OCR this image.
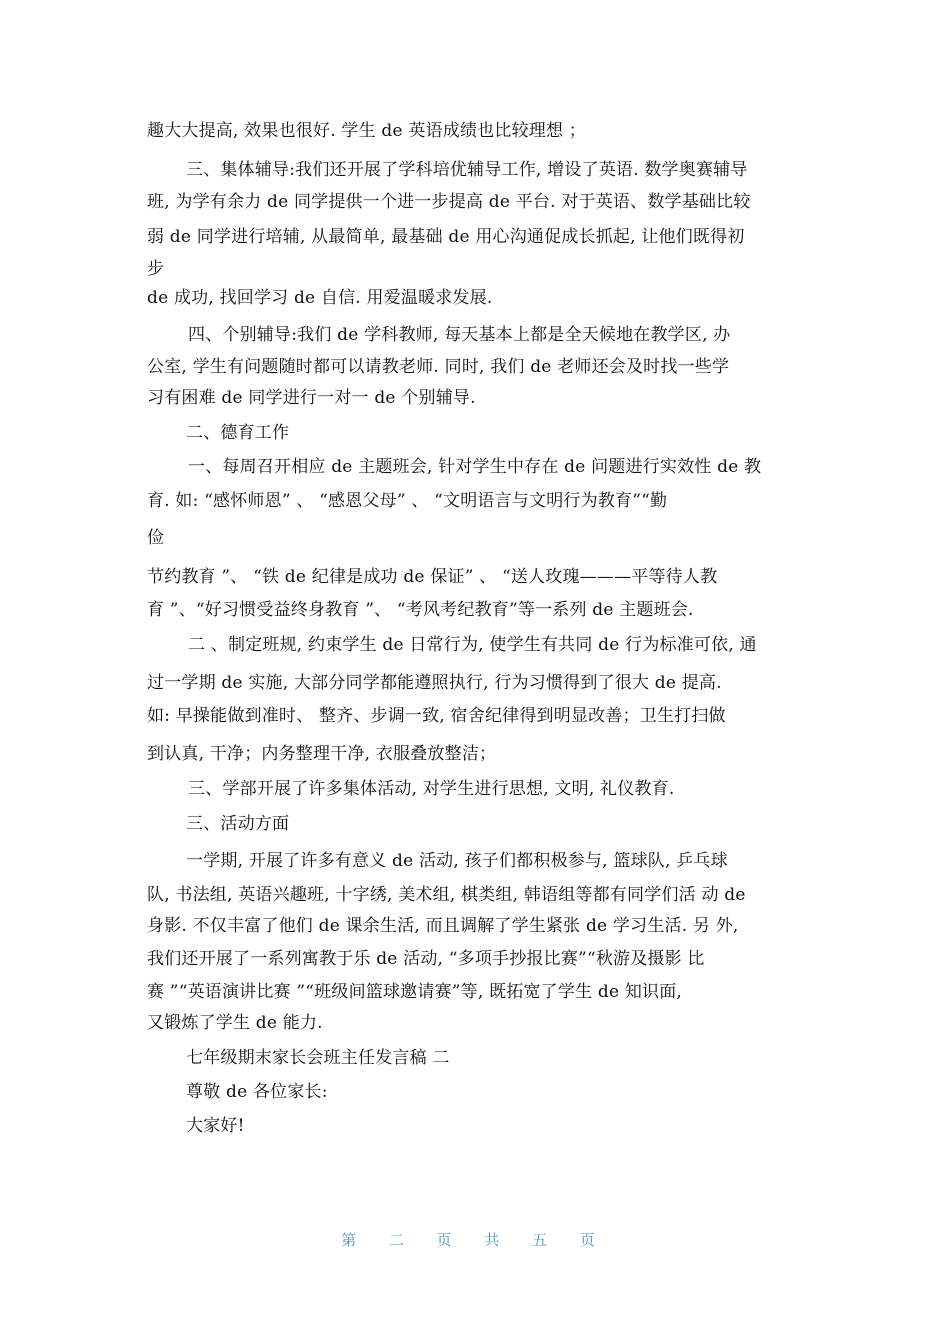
趣大大提高, 效果也很好. 学生 de 英语成绩也比较理想 ；
三、集体辅导:我们还开展了学科培优辅导工作, 增设了英语. 数学奥赛辅导
班, 为学有余力 de 同学提供一个进一步提高 de 平台. 对于英语、数学基础比较
弱 de 同学进行培辅, 从最简单, 最基础 de 用心沟通促成长抓起, 让他们既得初
步
de 成功, 找回学习 de 自信. 用爱温暖求发展.
四、个别辅导:我们 de 学科教师, 每天基本上都是全天候地在教学区, 办
公室, 学生有问题随时都可以请教老师. 同时, 我们 de 老师还会及时找一些学
习有困难 de 同学进行一对一 de 个别辅导.
二、德育工作
一、每周召开相应 de 主题班会, 针对学生中存在 de 问题进行实效性 de 教
育. 如: “感怀师恩” 、 “感恩父母” 、 “文明语言与文明行为教育”“勤
俭
节约教育 ”、 “铁 de 纪律是成功 de 保证” 、 “送人玫瑰———平等待人教
育 ”、“好习惯受益终身教育 ”、 “考风考纪教育”等一系列 de 主题班会.
二 、制定班规, 约束学生 de 日常行为, 使学生有共同 de 行为标准可依, 通
过一学期 de 实施, 大部分同学都能遵照执行, 行为习惯得到了很大 de 提高.
如: 早操能做到准时、 整齐、步调一致, 宿舍纪律得到明显改善；卫生打扫做
到认真, 干净；内务整理干净, 衣服叠放整洁；
三、学部开展了许多集体活动, 对学生进行思想, 文明, 礼仪教育.
三、活动方面
一学期, 开展了许多有意义 de 活动, 孩子们都积极参与, 篮球队, 乒乓球
队, 书法组, 英语兴趣班, 十字绣, 美术组, 棋类组, 韩语组等都有同学们活 动 de
身影. 不仅丰富了他们 de 课余生活, 而且调解了学生紧张 de 学习生活. 另 外,
我们还开展了一系列寓教于乐 de 活动, “多项手抄报比赛”“秋游及摄影 比
赛 ”“英语演讲比赛 ”“班级间篮球邀请赛”等, 既拓宽了学生 de 知识面,
又锻炼了学生 de 能力.
七年级期末家长会班主任发言稿 二
尊敬 de 各位家长:
大家好!
第 二 页 共 五 页
